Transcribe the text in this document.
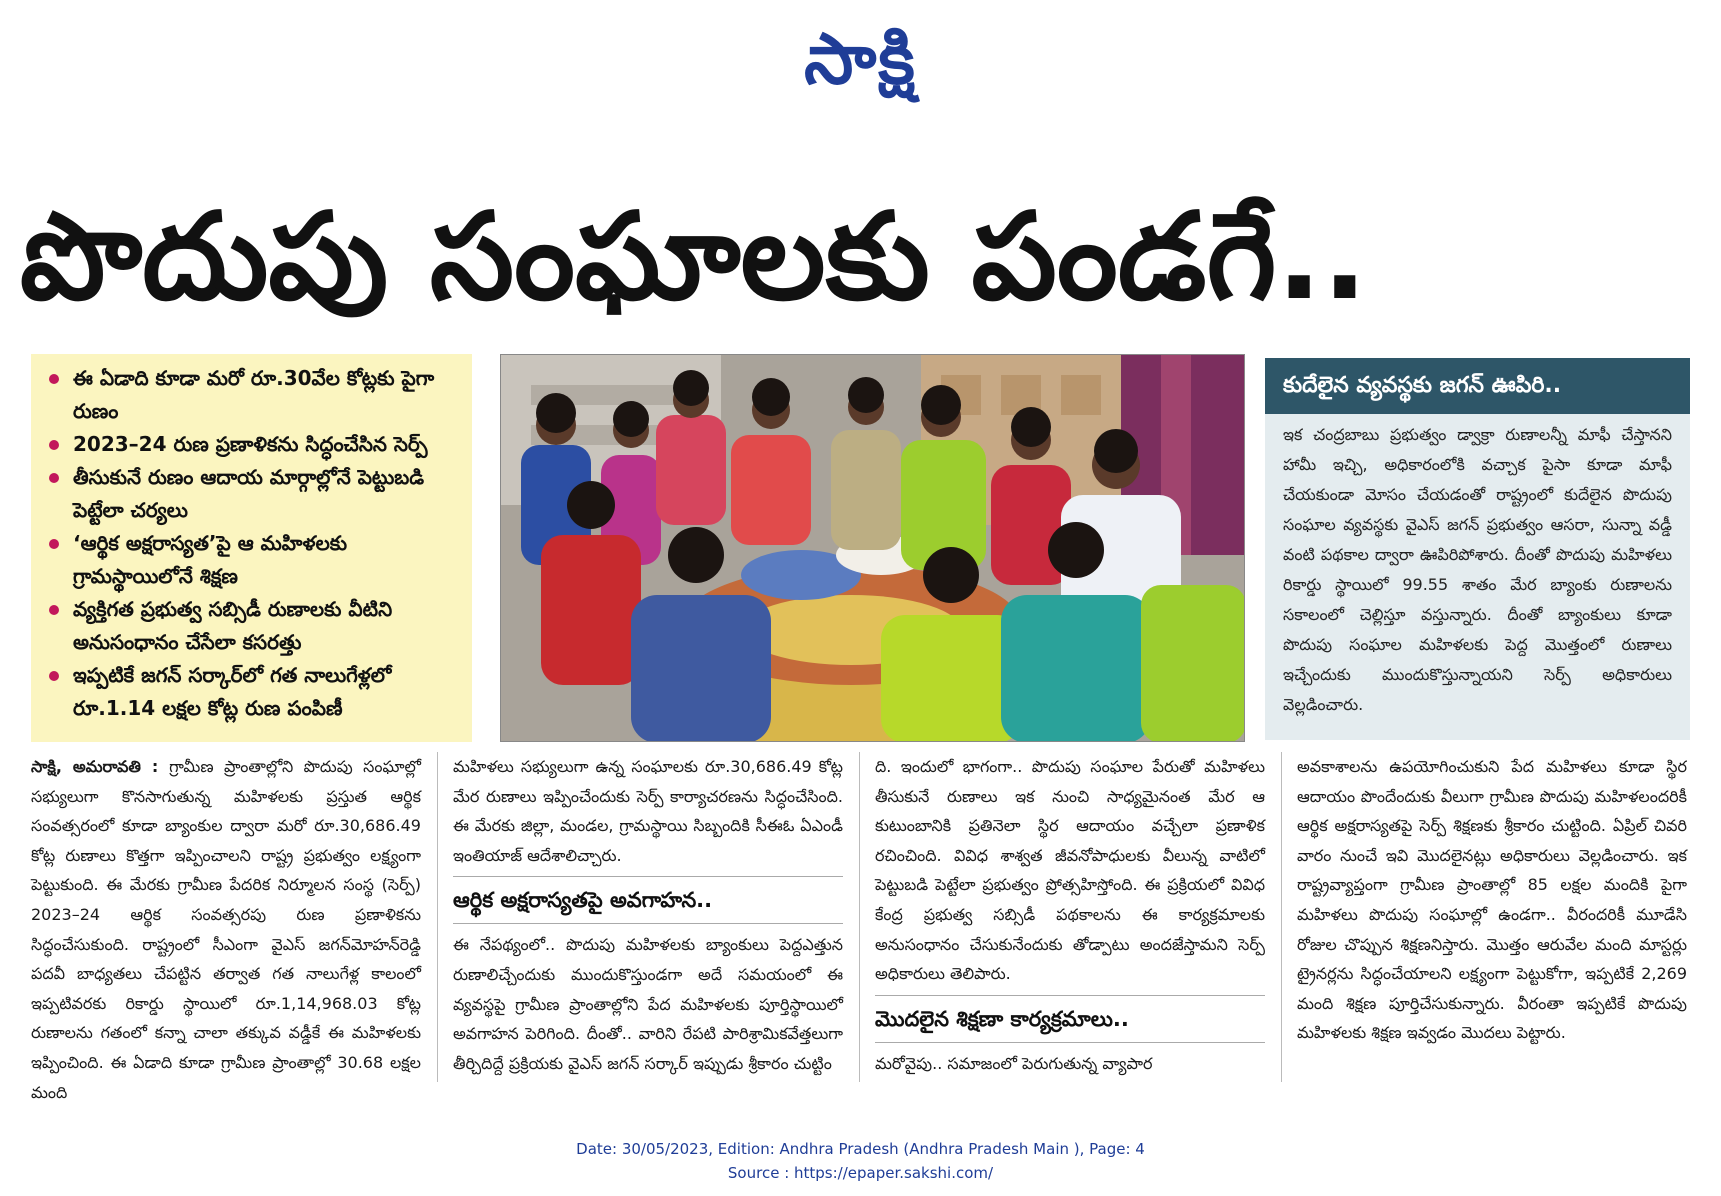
సాక్షి
పొదుపు సంఘాలకు పండగే..
ఈ ఏడాది కూడా మరో రూ.30వేల కోట్లకు పైగా రుణం
2023–24 రుణ ప్రణాళికను సిద్ధంచేసిన సెర్ప్
తీసుకునే రుణం ఆదాయ మార్గాల్లోనే పెట్టుబడి పెట్టేలా చర్యలు
‘ఆర్థిక అక్షరాస్యత’పై ఆ మహిళలకు గ్రామస్థాయిలోనే శిక్షణ
వ్యక్తిగత ప్రభుత్వ సబ్సిడీ రుణాలకు వీటిని అనుసంధానం చేసేలా కసరత్తు
ఇప్పటికే జగన్ సర్కార్‌లో గత నాలుగేళ్లలో రూ.1.14 లక్షల కోట్ల రుణ పంపిణీ
కుదేలైన వ్యవస్థకు జగన్ ఊపిరి..
ఇక చంద్రబాబు ప్రభుత్వం డ్వాక్రా రుణాలన్నీ మాఫీ చేస్తానని హామీ ఇచ్చి, అధికారంలోకి వచ్చాక పైసా కూడా మాఫీ చేయకుండా మోసం చేయడంతో రాష్ట్రంలో కుదేలైన పొదుపు సంఘాల వ్యవస్థకు వైఎస్ జగన్ ప్రభుత్వం ఆసరా, సున్నా వడ్డీ వంటి పథకాల ద్వారా ఊపిరిపోశారు. దీంతో పొదుపు మహిళలు రికార్డు స్థాయిలో 99.55 శాతం మేర బ్యాంకు రుణాలను సకాలంలో చెల్లిస్తూ వస్తున్నారు. దీంతో బ్యాంకులు కూడా పొదుపు సంఘాల మహిళలకు పెద్ద మొత్తంలో రుణాలు ఇచ్చేందుకు ముందుకొస్తున్నాయని సెర్ప్ అధికారులు వెల్లడించారు.
సాక్షి, అమరావతి : గ్రామీణ ప్రాంతాల్లోని పొదుపు సంఘాల్లో సభ్యులుగా కొనసాగుతున్న మహిళలకు ప్రస్తుత ఆర్థిక సంవత్సరంలో కూడా బ్యాంకుల ద్వారా మరో రూ.30,686.49 కోట్ల రుణాలు కొత్తగా ఇప్పించాలని రాష్ట్ర ప్రభుత్వం లక్ష్యంగా పెట్టుకుంది. ఈ మేరకు గ్రామీణ పేదరిక నిర్మూలన సంస్థ (సెర్ప్) 2023–24 ఆర్థిక సంవత్సరపు రుణ ప్రణాళికను సిద్ధంచేసుకుంది. రాష్ట్రంలో సీఎంగా వైఎస్ జగన్‌మోహన్‌రెడ్డి పదవీ బాధ్యతలు చేపట్టిన తర్వాత గత నాలుగేళ్ల కాలంలో ఇప్పటివరకు రికార్డు స్థాయిలో రూ.1,14,968.03 కోట్ల రుణాలను గతంలో కన్నా చాలా తక్కువ వడ్డీకే ఈ మహిళలకు ఇప్పించింది. ఈ ఏడాది కూడా గ్రామీణ ప్రాంతాల్లో 30.68 లక్షల మంది
మహిళలు సభ్యులుగా ఉన్న సంఘాలకు రూ.30,686.49 కోట్ల మేర రుణాలు ఇప్పించేందుకు సెర్ప్ కార్యాచరణను సిద్ధంచేసింది. ఈ మేరకు జిల్లా, మండల, గ్రామస్థాయి సిబ్బందికి సీఈఓ ఏఎండీ ఇంతియాజ్ ఆదేశాలిచ్చారు.
ఆర్థిక అక్షరాస్యతపై అవగాహన..
ఈ నేపథ్యంలో.. పొదుపు మహిళలకు బ్యాంకులు పెద్దఎత్తున రుణాలిచ్చేందుకు ముందుకొస్తుండగా అదే సమయంలో ఈ వ్యవస్థపై గ్రామీణ ప్రాంతాల్లోని పేద మహిళలకు పూర్తిస్థాయిలో అవగాహన పెరిగింది. దీంతో.. వారిని రేపటి పారిశ్రామికవేత్తలుగా తీర్చిదిద్దే ప్రక్రియకు వైఎస్ జగన్ సర్కార్ ఇప్పుడు శ్రీకారం చుట్టిం
ది. ఇందులో భాగంగా.. పొదుపు సంఘాల పేరుతో మహిళలు తీసుకునే రుణాలు ఇక నుంచి సాధ్యమైనంత మేర ఆ కుటుంబానికి ప్రతినెలా స్థిర ఆదాయం వచ్చేలా ప్రణాళిక రచించింది. వివిధ శాశ్వత జీవనోపాధులకు వీలున్న వాటిలో పెట్టుబడి పెట్టేలా ప్రభుత్వం ప్రోత్సహిస్తోంది. ఈ ప్రక్రియలో వివిధ కేంద్ర ప్రభుత్వ సబ్సిడీ పథకాలను ఈ కార్యక్రమాలకు అనుసంధానం చేసుకునేందుకు తోడ్పాటు అందజేస్తామని సెర్ప్ అధికారులు తెలిపారు.
మొదలైన శిక్షణా కార్యక్రమాలు..
మరోవైపు.. సమాజంలో పెరుగుతున్న వ్యాపార
అవకాశాలను ఉపయోగించుకుని పేద మహిళలు కూడా స్థిర ఆదాయం పొందేందుకు వీలుగా గ్రామీణ పొదుపు మహిళలందరికీ ఆర్థిక అక్షరాస్యతపై సెర్ప్ శిక్షణకు శ్రీకారం చుట్టింది. ఏప్రిల్ చివరి వారం నుంచే ఇవి మొదలైనట్లు అధికారులు వెల్లడించారు. ఇక రాష్ట్రవ్యాప్తంగా గ్రామీణ ప్రాంతాల్లో 85 లక్షల మందికి పైగా మహిళలు పొదుపు సంఘాల్లో ఉండగా.. వీరందరికీ మూడేసి రోజుల చొప్పున శిక్షణనిస్తారు. మొత్తం ఆరువేల మంది మాస్టర్లు ట్రైనర్లను సిద్ధంచేయాలని లక్ష్యంగా పెట్టుకోగా, ఇప్పటికే 2,269 మంది శిక్షణ పూర్తిచేసుకున్నారు. వీరంతా ఇప్పటికే పొదుపు మహిళలకు శిక్షణ ఇవ్వడం మొదలు పెట్టారు.
Date: 30/05/2023, Edition: Andhra Pradesh (Andhra Pradesh Main ), Page: 4
Source : https://epaper.sakshi.com/
